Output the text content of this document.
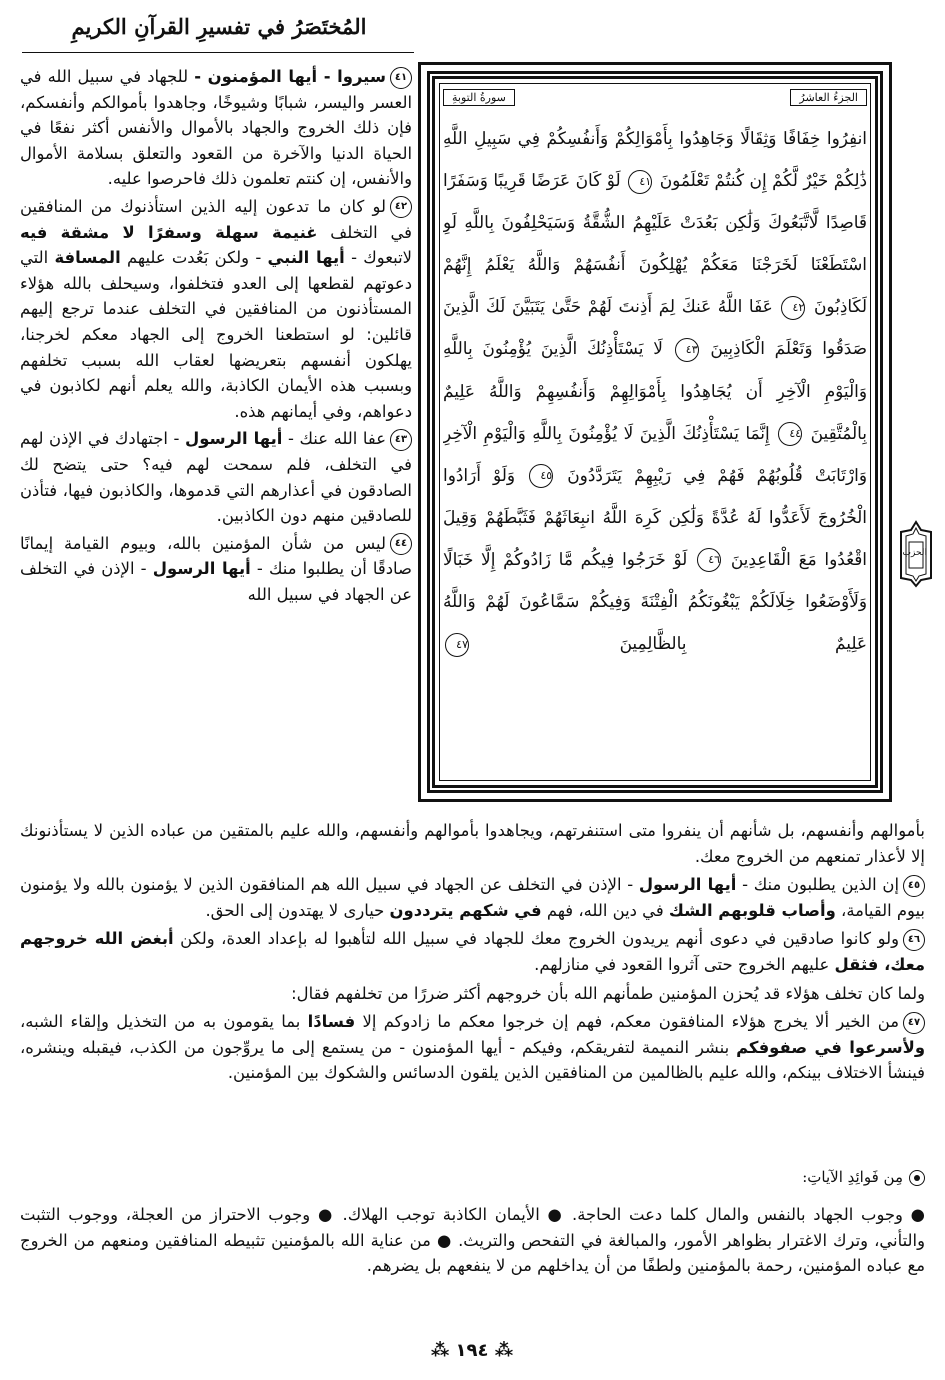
المُختَصَرُ في تفسيرِ القرآنِ الكريمِ
الجزءُ العاشرُ
سورةُ التوبةِ
انفِرُوا خِفَافًا وَثِقَالًا وَجَاهِدُوا بِأَمْوَالِكُمْ وَأَنفُسِكُمْ فِي سَبِيلِ اللَّهِ ذَٰلِكُمْ خَيْرٌ لَّكُمْ إِن كُنتُمْ تَعْلَمُونَ ٤١ لَوْ كَانَ عَرَضًا قَرِيبًا وَسَفَرًا قَاصِدًا لَّاتَّبَعُوكَ وَلَٰكِن بَعُدَتْ عَلَيْهِمُ الشُّقَّةُ وَسَيَحْلِفُونَ بِاللَّهِ لَوِ اسْتَطَعْنَا لَخَرَجْنَا مَعَكُمْ يُهْلِكُونَ أَنفُسَهُمْ وَاللَّهُ يَعْلَمُ إِنَّهُمْ لَكَاذِبُونَ ٤٢ عَفَا اللَّهُ عَنكَ لِمَ أَذِنتَ لَهُمْ حَتَّىٰ يَتَبَيَّنَ لَكَ الَّذِينَ صَدَقُوا وَتَعْلَمَ الْكَاذِبِينَ ٤٣ لَا يَسْتَأْذِنُكَ الَّذِينَ يُؤْمِنُونَ بِاللَّهِ وَالْيَوْمِ الْآخِرِ أَن يُجَاهِدُوا بِأَمْوَالِهِمْ وَأَنفُسِهِمْ وَاللَّهُ عَلِيمٌ بِالْمُتَّقِينَ ٤٤ إِنَّمَا يَسْتَأْذِنُكَ الَّذِينَ لَا يُؤْمِنُونَ بِاللَّهِ وَالْيَوْمِ الْآخِرِ وَارْتَابَتْ قُلُوبُهُمْ فَهُمْ فِي رَيْبِهِمْ يَتَرَدَّدُونَ ٤٥ وَلَوْ أَرَادُوا الْخُرُوجَ لَأَعَدُّوا لَهُ عُدَّةً وَلَٰكِن كَرِهَ اللَّهُ انبِعَاثَهُمْ فَثَبَّطَهُمْ وَقِيلَ اقْعُدُوا مَعَ الْقَاعِدِينَ ٤٦ لَوْ خَرَجُوا فِيكُم مَّا زَادُوكُمْ إِلَّا خَبَالًا وَلَأَوْضَعُوا خِلَالَكُمْ يَبْغُونَكُمُ الْفِتْنَةَ وَفِيكُمْ سَمَّاعُونَ لَهُمْ وَاللَّهُ عَلِيمٌ بِالظَّالِمِينَ ٤٧
الحزب

٤١سيروا - أيها المؤمنون - للجهاد في سبيل الله في العسر واليسر، شبابًا وشيوخًا، وجاهدوا بأموالكم وأنفسكم، فإن ذلك الخروج والجهاد بالأموال والأنفس أكثر نفعًا في الحياة الدنيا والآخرة من القعود والتعلق بسلامة الأموال والأنفس، إن كنتم تعلمون ذلك فاحرصوا عليه.

٤٢لو كان ما تدعون إليه الذين استأذنوك من المنافقين في التخلف غنيمة سهلة وسفرًا لا مشقة فيه لاتبعوك - أيها النبي - ولكن بَعُدت عليهم المسافة التي دعوتهم لقطعها إلى العدو فتخلفوا، وسيحلف بالله هؤلاء المستأذنون من المنافقين في التخلف عندما ترجع إليهم قائلين: لو استطعنا الخروج إلى الجهاد معكم لخرجنا، يهلكون أنفسهم بتعريضها لعقاب الله بسبب تخلفهم وبسبب هذه الأيمان الكاذبة، والله يعلم أنهم لكاذبون في دعواهم، وفي أيمانهم هذه.

٤٣عفا الله عنك - أيها الرسول - اجتهادك في الإذن لهم في التخلف، فلم سمحت لهم فيه؟ حتى يتضح لك الصادقون في أعذارهم التي قدموها، والكاذبون فيها، فتأذن للصادقين منهم دون الكاذبين.

٤٤ليس من شأن المؤمنين بالله، وبيوم القيامة إيمانًا صادقًا أن يطلبوا منك - أيها الرسول - الإذن في التخلف عن الجهاد في سبيل الله

بأموالهم وأنفسهم، بل شأنهم أن ينفروا متى استنفرتهم، ويجاهدوا بأموالهم وأنفسهم، والله عليم بالمتقين من عباده الذين لا يستأذنونك إلا لأعذار تمنعهم من الخروج معك.

٤٥إن الذين يطلبون منك - أيها الرسول - الإذن في التخلف عن الجهاد في سبيل الله هم المنافقون الذين لا يؤمنون بالله ولا يؤمنون بيوم القيامة، وأصاب قلوبهم الشك في دين الله، فهم في شكهم يترددون حيارى لا يهتدون إلى الحق.

٤٦ولو كانوا صادقين في دعوى أنهم يريدون الخروج معك للجهاد في سبيل الله لتأهبوا له بإعداد العدة، ولكن أبغض الله خروجهم معك، فثقل عليهم الخروج حتى آثروا القعود في منازلهم.

ولما كان تخلف هؤلاء قد يُحزن المؤمنين طمأنهم الله بأن خروجهم أكثر ضررًا من تخلفهم فقال:

٤٧من الخير ألا يخرج هؤلاء المنافقون معكم، فهم إن خرجوا معكم ما زادوكم إلا فسادًا بما يقومون به من التخذيل وإلقاء الشبه، ولأسرعوا في صفوفكم بنشر النميمة لتفريقكم، وفيكم - أيها المؤمنون - من يستمع إلى ما يروِّجون من الكذب، فيقبله وينشره، فينشأ الاختلاف بينكم، والله عليم بالظالمين من المنافقين الذين يلقون الدسائس والشكوك بين المؤمنين.

مِن فَوائِدِ الآياتِ:

● وجوب الجهاد بالنفس والمال كلما دعت الحاجة. ● الأيمان الكاذبة توجب الهلاك. ● وجوب الاحتراز من العجلة، ووجوب التثبت والتأني، وترك الاغترار بظواهر الأمور، والمبالغة في التفحص والتريث. ● من عناية الله بالمؤمنين تثبيطه المنافقين ومنعهم من الخروج مع عباده المؤمنين، رحمة بالمؤمنين ولطفًا من أن يداخلهم من لا ينفعهم بل يضرهم.

⁂ ١٩٤ ⁂
